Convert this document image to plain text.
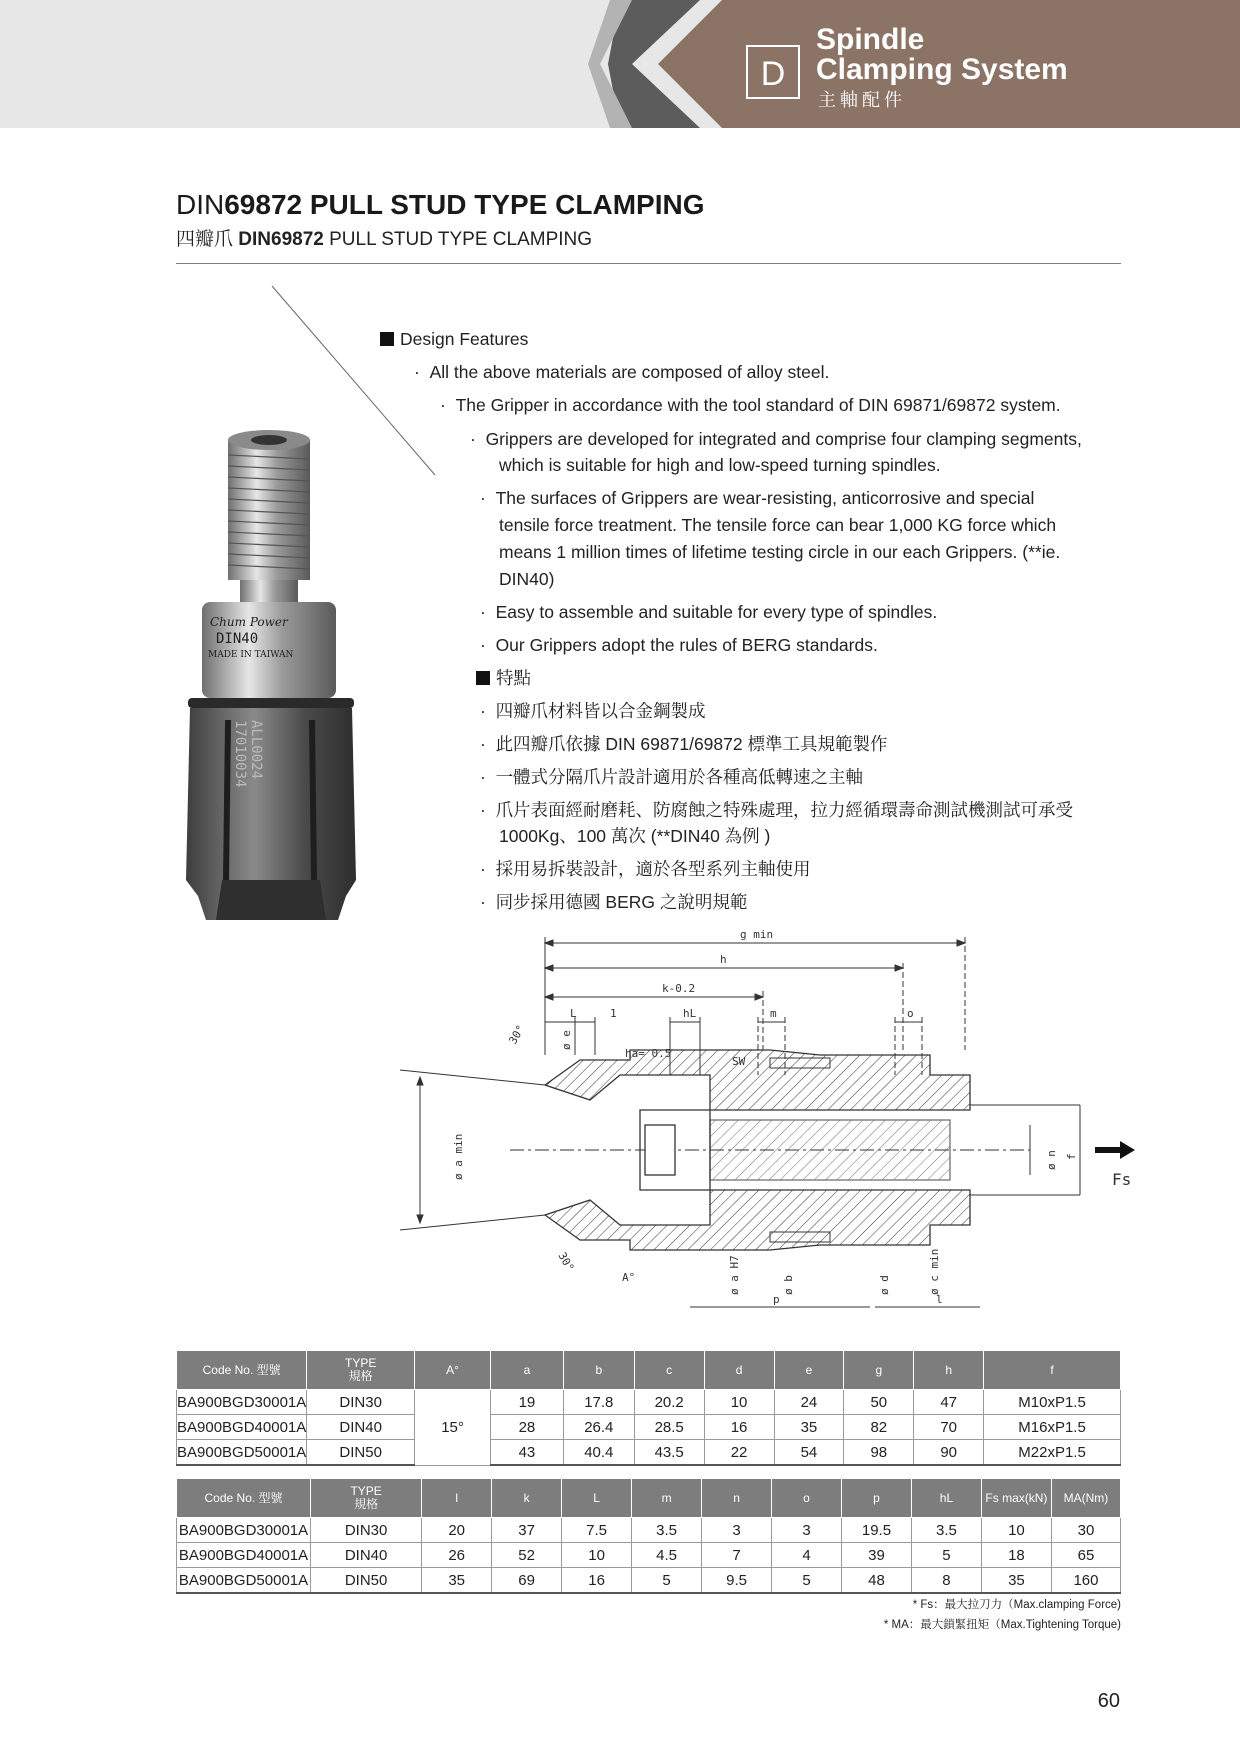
D
Spindle
Clamping System
主軸配件
DIN69872 PULL STUD TYPE CLAMPING
四瓣爪 DIN69872 PULL STUD TYPE CLAMPING
Chum Power
DIN40
MADE IN TAIWAN
ALL0024
17010034
Design Features
·  All the above materials are composed of alloy steel.
·  The Gripper in accordance with the tool standard of DIN 69871/69872 system.
·  Grippers are developed for integrated and comprise four clamping segments,
which is suitable for high and low-speed turning spindles.
·  The surfaces of Grippers are wear-resisting, anticorrosive and special
tensile force treatment. The tensile force can bear 1,000 KG force which
means 1 million times of lifetime testing circle in our each Grippers. (**ie.
DIN40)
·  Easy to assemble and suitable for every type of spindles.
·  Our Grippers adopt the rules of BERG standards.
特點
·  四瓣爪材料皆以合金鋼製成
·  此四瓣爪依據 DIN 69871/69872 標準工具規範製作
·  一體式分隔爪片設計適用於各種高低轉速之主軸
·  爪片表面經耐磨耗、防腐蝕之特殊處理，拉力經循環壽命測試機測試可承受
1000Kg、100 萬次 (**DIN40 為例 )
·  採用易拆裝設計，適於各型系列主軸使用
·  同步採用德國 BERG 之說明規範
g min
h
k-0.2
L	1	hL	m	o
30°	ø e
ha= 0.5
SW
ø a min	ø n f
Fs
30°
A°	ø a H7	ø b	ø d	ø c min
p	l
Code No. 型號	TYPE
規格	A°	a	b	c	d	e	g	h	f
BA900BGD30001A	DIN30	15°	19	17.8	20.2	10	24	50	47	M10xP1.5
BA900BGD40001A	DIN40		28	26.4	28.5	16	35	82	70	M16xP1.5
BA900BGD50001A	DIN50		43	40.4	43.5	22	54	98	90	M22xP1.5
Code No. 型號	TYPE
規格	l	k	L	m	n	o	p	hL	Fs max(kN)	MA(Nm)
BA900BGD30001A	DIN30	20	37	7.5	3.5	3	3	19.5	3.5	10	30
BA900BGD40001A	DIN40	26	52	10	4.5	7	4	39	5	18	65
BA900BGD50001A	DIN50	35	69	16	5	9.5	5	48	8	35	160
* Fs：最大拉刀力（Max.clamping Force)
* MA：最大鎖緊扭矩（Max.Tightening Torque)
60
